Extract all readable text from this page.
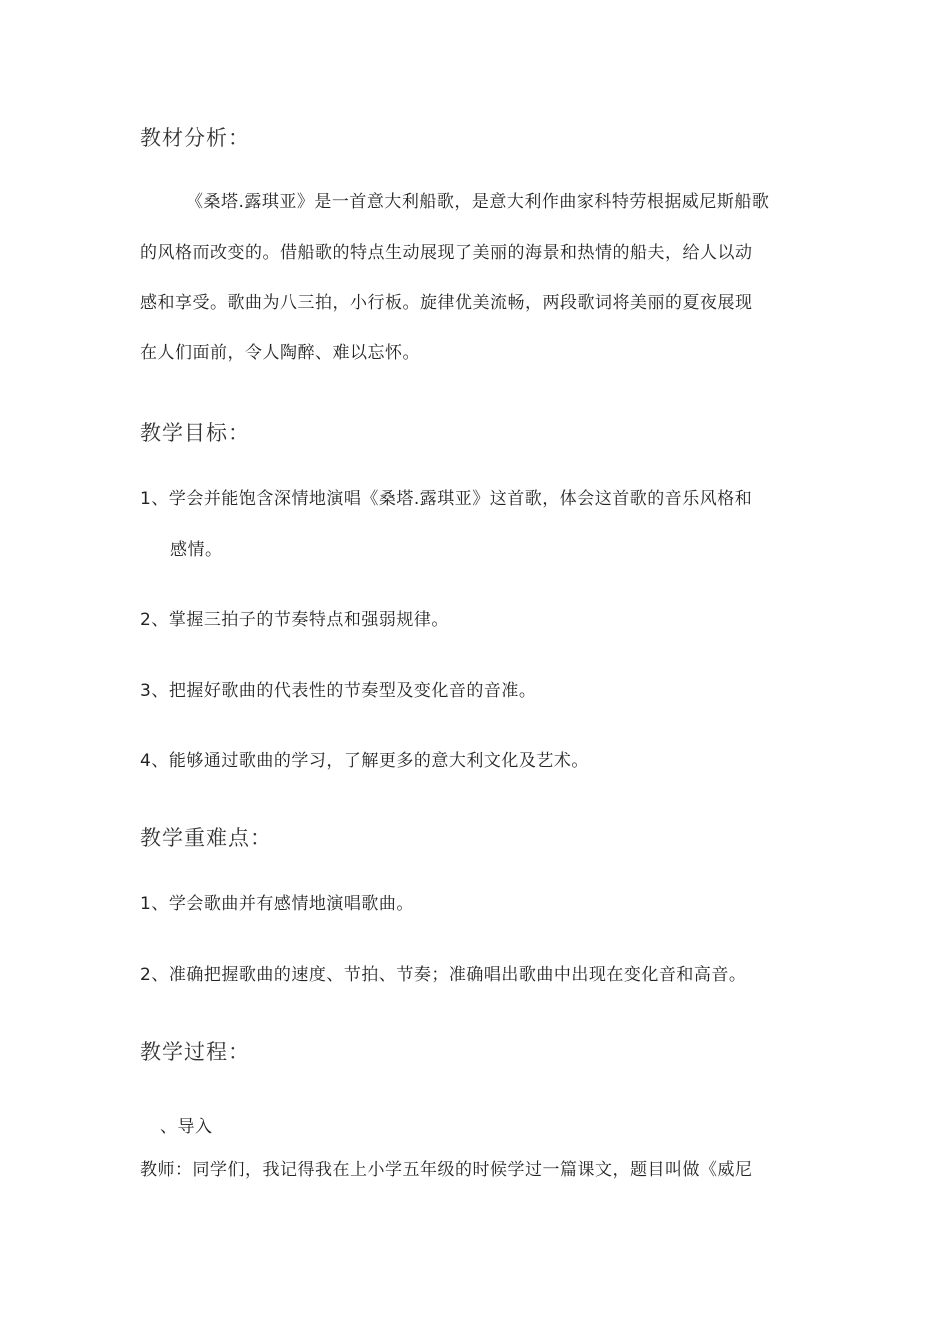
教材分析：
《桑塔.露琪亚》是一首意大利船歌，是意大利作曲家科特劳根据威尼斯船歌
的风格而改变的。借船歌的特点生动展现了美丽的海景和热情的船夫，给人以动
感和享受。歌曲为八三拍，小行板。旋律优美流畅，两段歌词将美丽的夏夜展现
在人们面前，令人陶醉、难以忘怀。
教学目标：
1、学会并能饱含深情地演唱《桑塔.露琪亚》这首歌，体会这首歌的音乐风格和
感情。
2、掌握三拍子的节奏特点和强弱规律。
3、把握好歌曲的代表性的节奏型及变化音的音准。
4、能够通过歌曲的学习，了解更多的意大利文化及艺术。
教学重难点：
1、学会歌曲并有感情地演唱歌曲。
2、准确把握歌曲的速度、节拍、节奏；准确唱出歌曲中出现在变化音和高音。
教学过程：
、导入
教师：同学们，我记得我在上小学五年级的时候学过一篇课文，题目叫做《威尼
